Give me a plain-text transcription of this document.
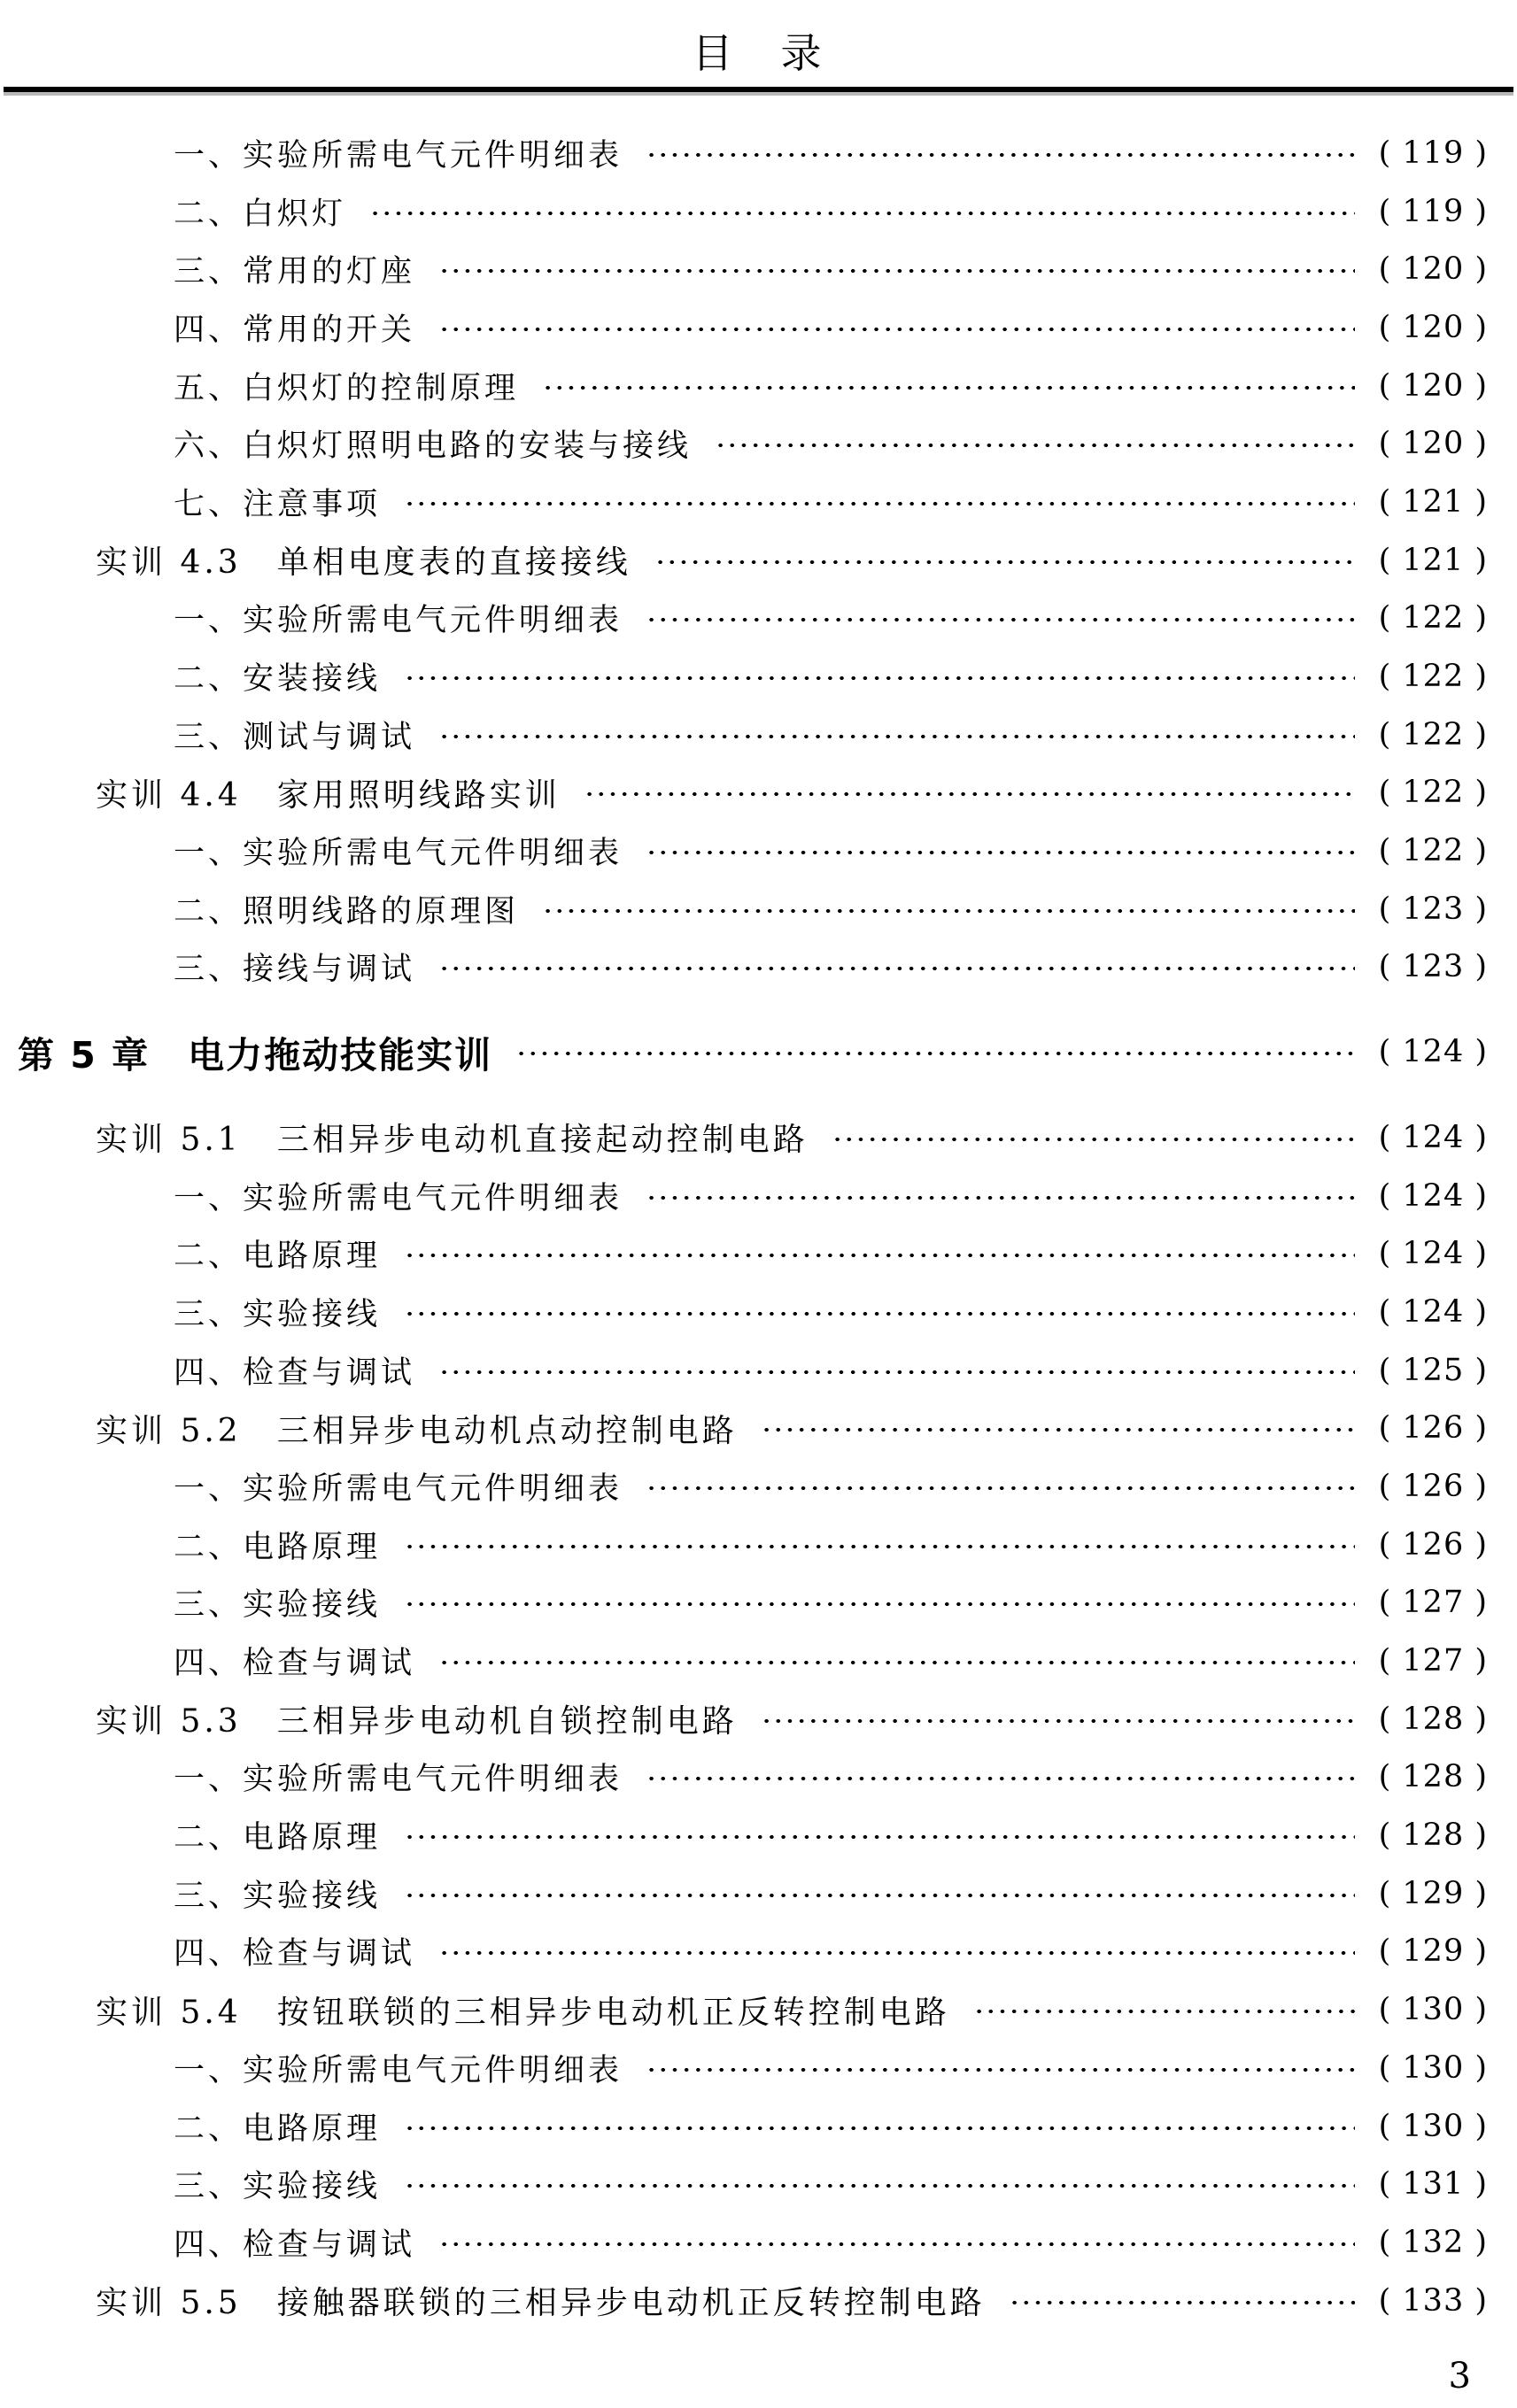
目　录
一、实验所需电气元件明细表	( 119 )
二、白炽灯	( 119 )
三、常用的灯座	( 120 )
四、常用的开关	( 120 )
五、白炽灯的控制原理	( 120 )
六、白炽灯照明电路的安装与接线	( 120 )
七、注意事项	( 121 )
实训 4.3　单相电度表的直接接线	( 121 )
一、实验所需电气元件明细表	( 122 )
二、安装接线	( 122 )
三、测试与调试	( 122 )
实训 4.4　家用照明线路实训	( 122 )
一、实验所需电气元件明细表	( 122 )
二、照明线路的原理图	( 123 )
三、接线与调试	( 123 )
第 5 章　电力拖动技能实训	( 124 )
实训 5.1　三相异步电动机直接起动控制电路	( 124 )
一、实验所需电气元件明细表	( 124 )
二、电路原理	( 124 )
三、实验接线	( 124 )
四、检查与调试	( 125 )
实训 5.2　三相异步电动机点动控制电路	( 126 )
一、实验所需电气元件明细表	( 126 )
二、电路原理	( 126 )
三、实验接线	( 127 )
四、检查与调试	( 127 )
实训 5.3　三相异步电动机自锁控制电路	( 128 )
一、实验所需电气元件明细表	( 128 )
二、电路原理	( 128 )
三、实验接线	( 129 )
四、检查与调试	( 129 )
实训 5.4　按钮联锁的三相异步电动机正反转控制电路	( 130 )
一、实验所需电气元件明细表	( 130 )
二、电路原理	( 130 )
三、实验接线	( 131 )
四、检查与调试	( 132 )
实训 5.5　接触器联锁的三相异步电动机正反转控制电路	( 133 )
3
